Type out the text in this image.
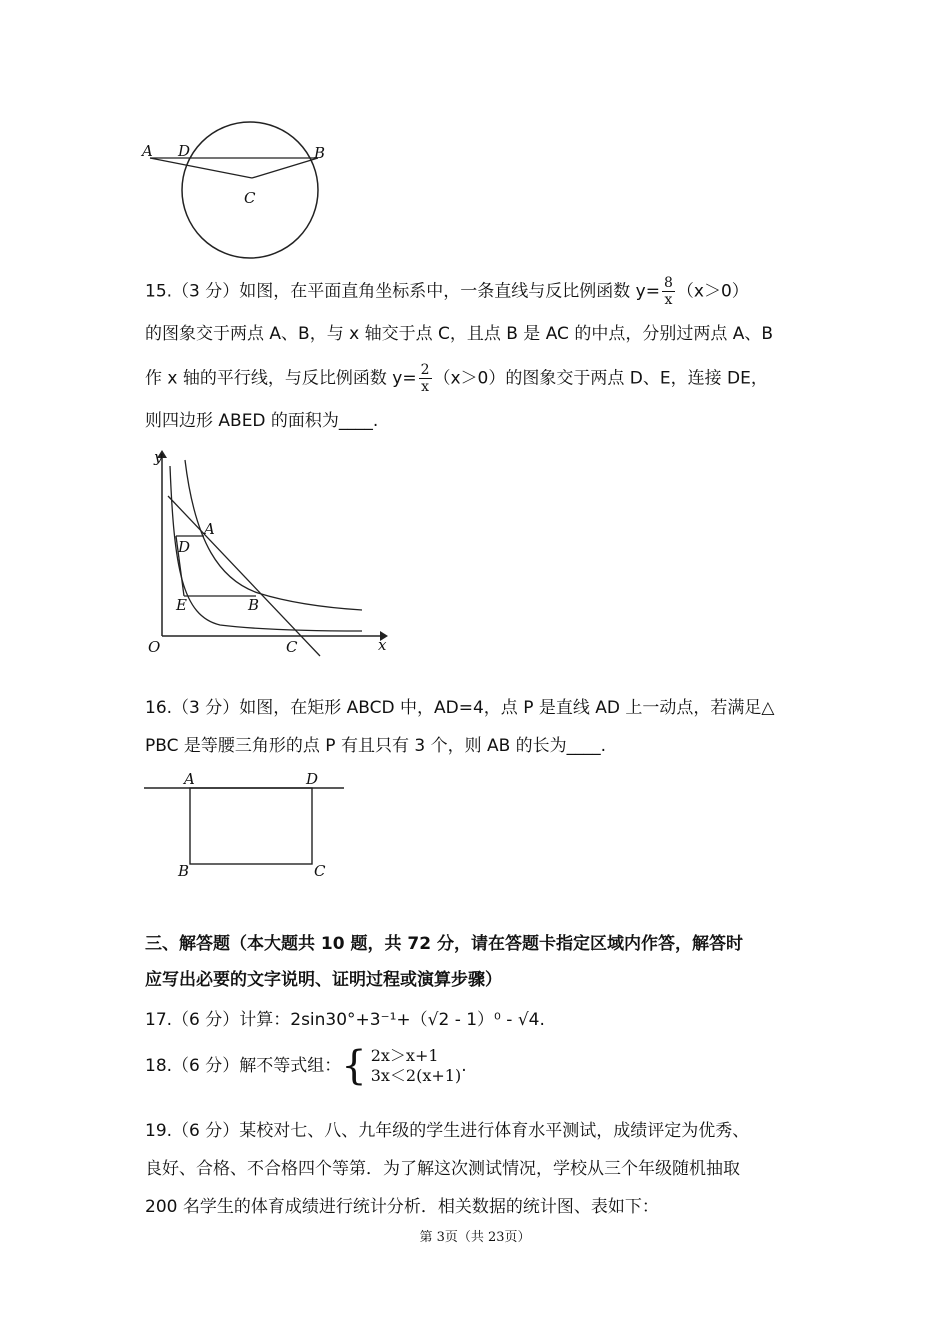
A D	B
C
15.（3 分）如图，在平面直角坐标系中，一条直线与反比例函数 $y= \frac{8}{x} (x>0)$
的图象交于两点 A、B，与 x 轴交于点 C，且点 B 是 AC 的中点，分别过两点 A、B
作 x 轴的平行线，与反比例函数 $y= \frac{2}{x} (x>0)$的图象交于两点 D、E，连接 DE，
则四边形 ABED 的面积为____.
y
x
O
A
D
E	B
C
16.（3 分）如图，在矩形 ABCD 中，AD=4，点 P 是直线 AD 上一动点，若满足△
PBC 是等腰三角形的点 P 有且只有 3 个，则 AB 的长为____.
A	D
B	C
三、解答题（本大题共 10 题，共 72 分，请在答题卡指定区域内作答，解答时
应写出必要的文字说明、证明过程或演算步骤）
17.（6 分）计算：2sin30°+3⁻¹+（√2 - 1）⁰ - √4.
18.（6 分）解不等式组：{ 2x＞x+1
3x＜2(x+1) .
19.（6 分）某校对七、八、九年级的学生进行体育水平测试，成绩评定为优秀、
良好、合格、不合格四个等第．为了解这次测试情况，学校从三个年级随机抽取
200 名学生的体育成绩进行统计分析．相关数据的统计图、表如下：
第 3页（共 23页）
